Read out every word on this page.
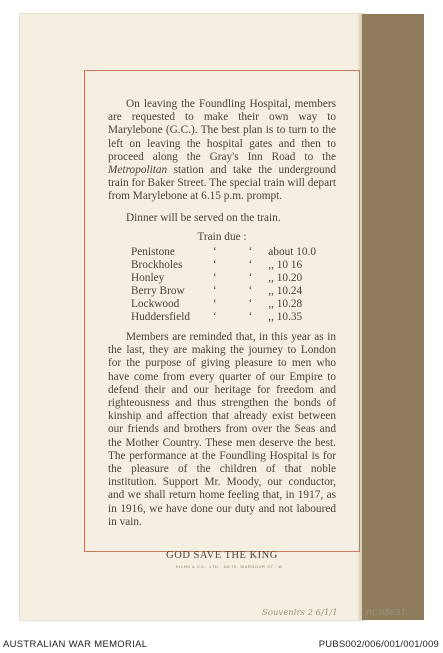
On leaving the Foundling Hospital, members are requested to make their own way to Marylebone (G.C.). The best plan is to turn to the left on leaving the hospital gates and then to proceed along the Gray's Inn Road to the Metropolitan station and take the underground train for Baker Street. The special train will depart from Marylebone at 6.15 p.m. prompt.

Dinner will be served on the train.
Train due :
Penistone	‘	‘	about 10.0
Brockholes	‘	‘	,, 10 16
Honley	‘	‘	,, 10.20
Berry Brow	‘	‘	,, 10.24
Lockwood	‘	‘	,, 10.28
Huddersfield	‘	‘	,, 10.35

Members are reminded that, in this year as in the last, they are making the journey to London for the purpose of giving pleasure to men who have come from every quarter of our Empire to defend their and our heritage for freedom and righteousness and thus strengthen the bonds of kinship and affection that already exist between our friends and brothers from over the Seas and the Mother Country. These men deserve the best. The performance at the Foundling Hospital is for the pleasure of the children of that noble institution. Support Mr. Moody, our conductor, and we shall return home feeling that, in 1917, as in 1916, we have done our duty and not laboured in vain.

GOD SAVE THE KING
KILNS & CO., LTD., 68-70, WARDOUR ST., W.
Souvenirs 2 6/1/1	RC08631
AUSTRALIAN WAR MEMORIAL	PUBS002/006/001/001/009
